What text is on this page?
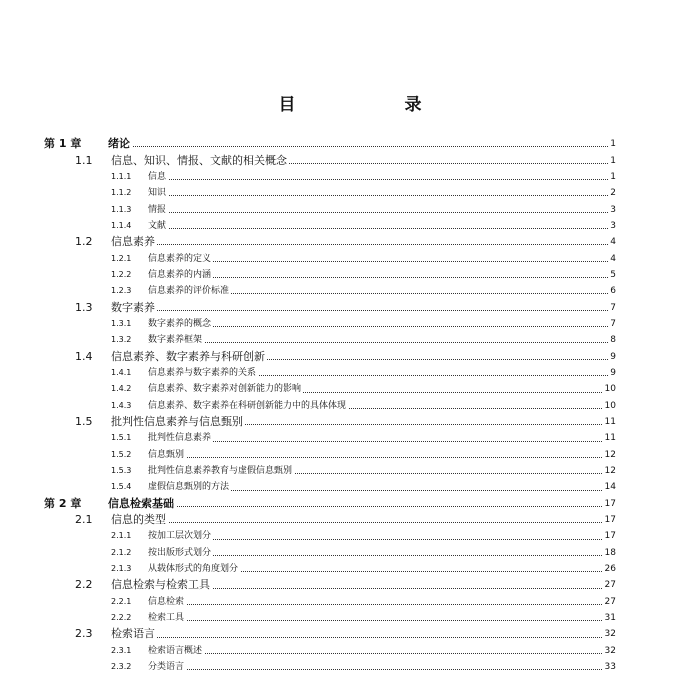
目　录
第 1 章 绪论	1
1.1 信息、知识、情报、文献的相关概念	1
1.1.1 信息	1
1.1.2 知识	2
1.1.3 情报	3
1.1.4 文献	3
1.2 信息素养	4
1.2.1 信息素养的定义	4
1.2.2 信息素养的内涵	5
1.2.3 信息素养的评价标准	6
1.3 数字素养	7
1.3.1 数字素养的概念	7
1.3.2 数字素养框架	8
1.4 信息素养、数字素养与科研创新	9
1.4.1 信息素养与数字素养的关系	9
1.4.2 信息素养、数字素养对创新能力的影响	10
1.4.3 信息素养、数字素养在科研创新能力中的具体体现	10
1.5 批判性信息素养与信息甄别	11
1.5.1 批判性信息素养	11
1.5.2 信息甄别	12
1.5.3 批判性信息素养教育与虚假信息甄别	12
1.5.4 虚假信息甄别的方法	14
第 2 章 信息检索基础	17
2.1 信息的类型	17
2.1.1 按加工层次划分	17
2.1.2 按出版形式划分	18
2.1.3 从载体形式的角度划分	26
2.2 信息检索与检索工具	27
2.2.1 信息检索	27
2.2.2 检索工具	31
2.3 检索语言	32
2.3.1 检索语言概述	32
2.3.2 分类语言	33
